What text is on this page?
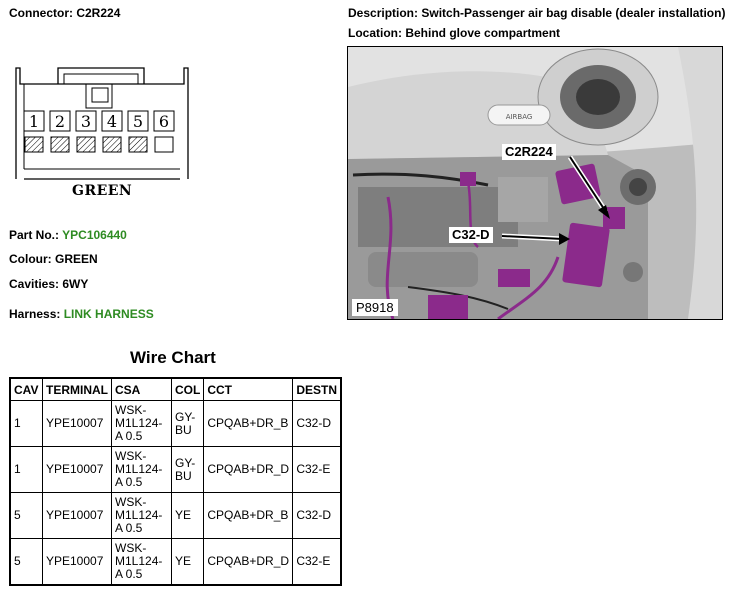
Connector: C2R224	Description: Switch-Passenger air bag disable (dealer installation)
Location: Behind glove compartment
1 2 3 4 5 6
GREEN
Part No.: YPC106440
Colour: GREEN
Cavities: 6WY
Harness: LINK HARNESS
AIRBAG
C2R224
C32-D
P8918
Wire Chart
CAV	TERMINAL	CSA	COL	CCT	DESTN
1	YPE10007	WSK-M1L124-A 0.5	GY-BU	CPQAB+DR_B	C32-D
1	YPE10007	WSK-M1L124-A 0.5	GY-BU	CPQAB+DR_D	C32-E
5	YPE10007	WSK-M1L124-A 0.5	YE	CPQAB+DR_B	C32-D
5	YPE10007	WSK-M1L124-A 0.5	YE	CPQAB+DR_D	C32-E
